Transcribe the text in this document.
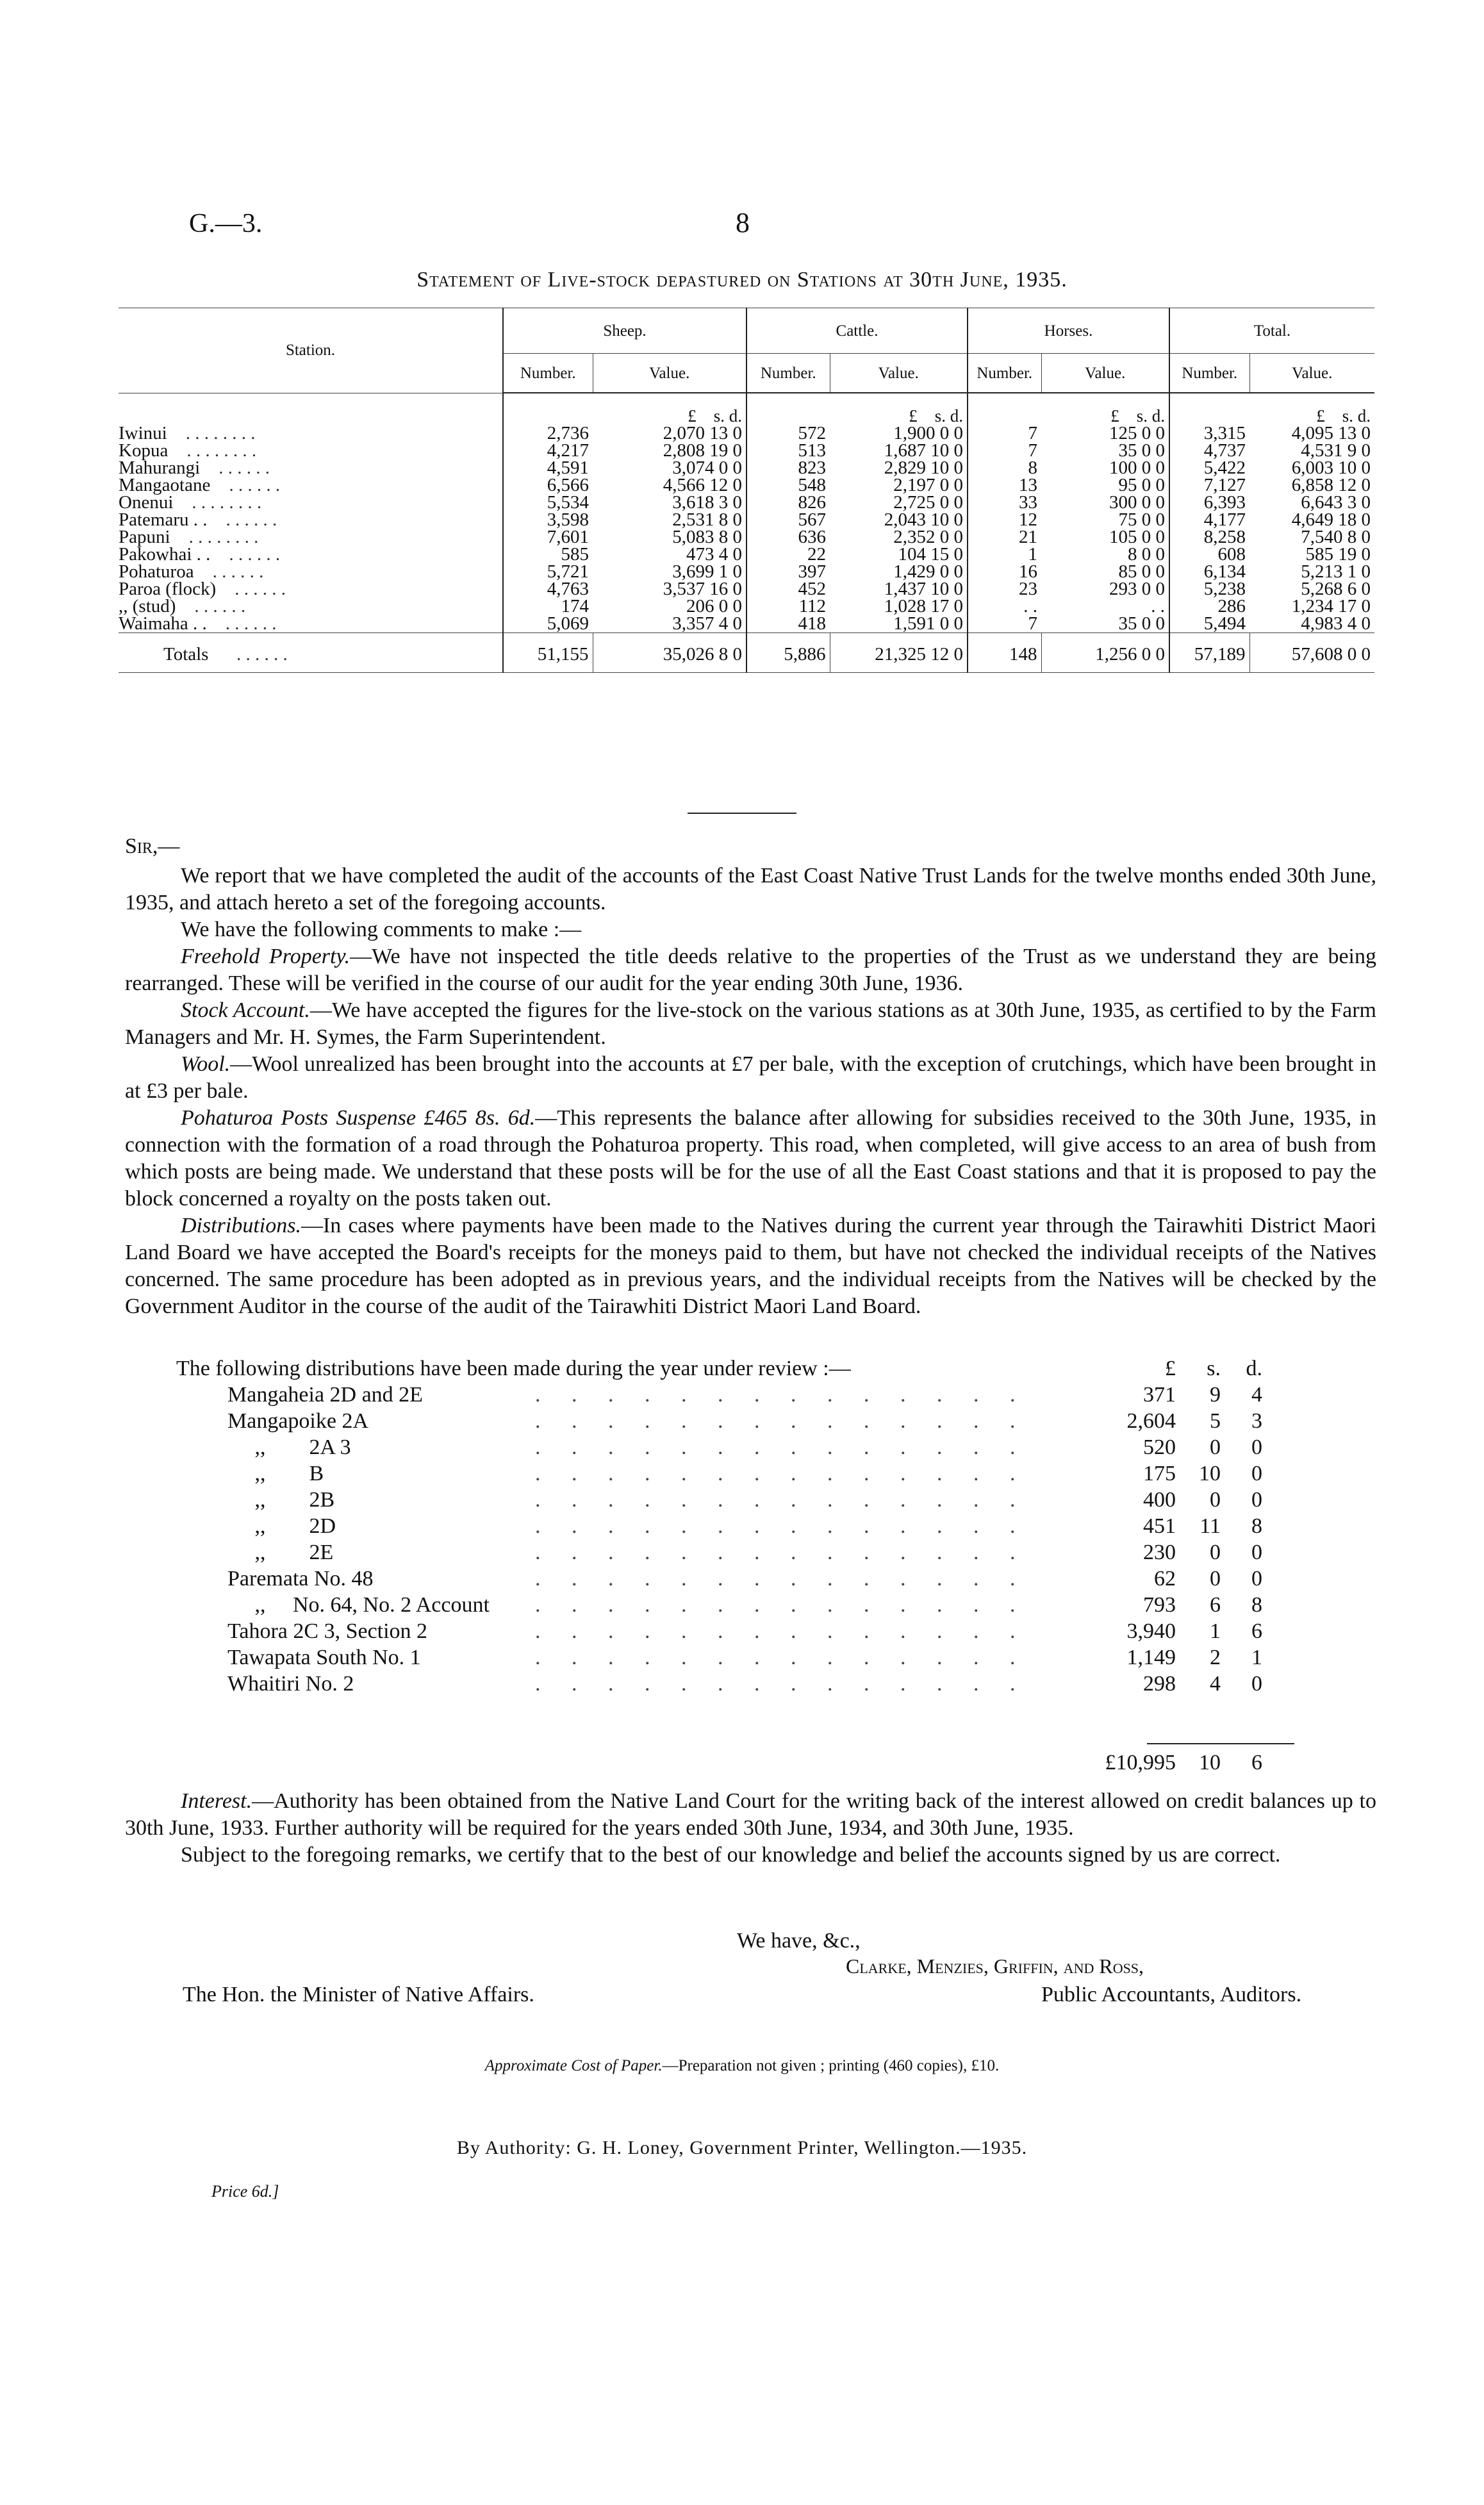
G.—3.	8
Statement of Live-stock depastured on Stations at 30th June, 1935.
Station.	Sheep.		Cattle.		Horses.		Total.	
	Number.	Value.	Number.	Value.	Number.	Value.	Number.	Value.
		£ s. d.		£ s. d.		£ s. d.		£ s. d.
Iwinui . . . . . . . .	2,736	2,070 13 0	572	1,900 0 0	7	125 0 0	3,315	4,095 13 0
Kopua . . . . . . . .	4,217	2,808 19 0	513	1,687 10 0	7	35 0 0	4,737	4,531 9 0
Mahurangi . . . . . .	4,591	3,074 0 0	823	2,829 10 0	8	100 0 0	5,422	6,003 10 0
Mangaotane . . . . . .	6,566	4,566 12 0	548	2,197 0 0	13	95 0 0	7,127	6,858 12 0
Onenui . . . . . . . .	5,534	3,618 3 0	826	2,725 0 0	33	300 0 0	6,393	6,643 3 0
Patemaru . . . . . . . .	3,598	2,531 8 0	567	2,043 10 0	12	75 0 0	4,177	4,649 18 0
Papuni . . . . . . . .	7,601	5,083 8 0	636	2,352 0 0	21	105 0 0	8,258	7,540 8 0
Pakowhai . . . . . . . .	585	473 4 0	22	104 15 0	1	8 0 0	608	585 19 0
Pohaturoa . . . . . .	5,721	3,699 1 0	397	1,429 0 0	16	85 0 0	6,134	5,213 1 0
Paroa (flock) . . . . . .	4,763	3,537 16 0	452	1,437 10 0	23	293 0 0	5,238	5,268 6 0
,, (stud) . . . . . .	174	206 0 0	112	1,028 17 0	. .	. .	286	1,234 17 0
Waimaha . . . . . . . .	5,069	3,357 4 0	418	1,591 0 0	7	35 0 0	5,494	4,983 4 0
Totals . . . . . .	51,155	35,026 8 0	5,886	21,325 12 0	148	1,256 0 0	57,189	57,608 0 0

Sir,—

We report that we have completed the audit of the accounts of the East Coast Native Trust Lands for the twelve months ended 30th June, 1935, and attach hereto a set of the foregoing accounts.

We have the following comments to make :—

Freehold Property.—We have not inspected the title deeds relative to the properties of the Trust as we understand they are being rearranged. These will be verified in the course of our audit for the year ending 30th June, 1936.

Stock Account.—We have accepted the figures for the live-stock on the various stations as at 30th June, 1935, as certified to by the Farm Managers and Mr. H. Symes, the Farm Superintendent.

Wool.—Wool unrealized has been brought into the accounts at £7 per bale, with the exception of crutchings, which have been brought in at £3 per bale.

Pohaturoa Posts Suspense £465 8s. 6d.—This represents the balance after allowing for subsidies received to the 30th June, 1935, in connection with the formation of a road through the Pohaturoa property. This road, when completed, will give access to an area of bush from which posts are being made. We understand that these posts will be for the use of all the East Coast stations and that it is proposed to pay the block concerned a royalty on the posts taken out.

Distributions.—In cases where payments have been made to the Natives during the current year through the Tairawhiti District Maori Land Board we have accepted the Board's receipts for the moneys paid to them, but have not checked the individual receipts of the Natives concerned. The same procedure has been adopted as in previous years, and the individual receipts from the Natives will be checked by the Government Auditor in the course of the audit of the Tairawhiti District Maori Land Board.

The following distributions have been made during the year under review :—	£	s.	d.
Mangaheia 2D and 2E	. . . . . . . . . . . . . .	371	9	4
Mangapoike 2A	. . . . . . . . . . . . . .	2,604	5	3
,,        2A 3	. . . . . . . . . . . . . .	520	0	0
,,        B	. . . . . . . . . . . . . .	175	10	0
,,        2B	. . . . . . . . . . . . . .	400	0	0
,,        2D	. . . . . . . . . . . . . .	451	11	8
,,        2E	. . . . . . . . . . . . . .	230	0	0
Paremata No. 48	. . . . . . . . . . . . . .	62	0	0
,,     No. 64, No. 2 Account . . . . . . . . . . . . . .	793	6	8
Tahora 2C 3, Section 2	. . . . . . . . . . . . . .	3,940	1	6
Tawapata South No. 1	. . . . . . . . . . . . . .	1,149	2	1
Whaitiri No. 2	. . . . . . . . . . . . . .	298	4	0
£10,995	10	6

Interest.—Authority has been obtained from the Native Land Court for the writing back of the interest allowed on credit balances up to 30th June, 1933. Further authority will be required for the years ended 30th June, 1934, and 30th June, 1935.

Subject to the foregoing remarks, we certify that to the best of our knowledge and belief the accounts signed by us are correct.

We have, &c.,
Clarke, Menzies, Griffin, and Ross,
Public Accountants, Auditors.
The Hon. the Minister of Native Affairs.
Approximate Cost of Paper.—Preparation not given ; printing (460 copies), £10.
By Authority: G. H. Loney, Government Printer, Wellington.—1935.
Price 6d.]
